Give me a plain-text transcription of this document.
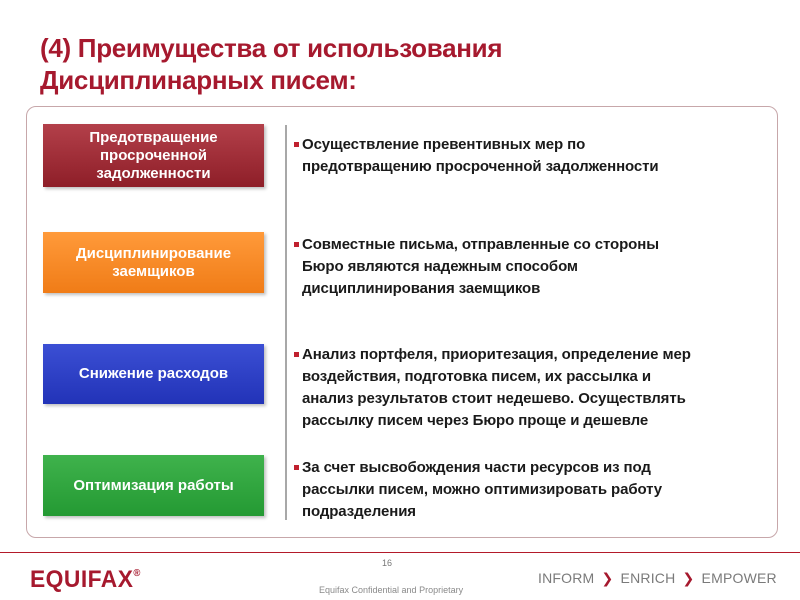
(4) Преимущества от использования
Дисциплинарных писем:
Предотвращение
просроченной
задолженности
Осуществление превентивных мер по
предотвращению просроченной задолженности
Дисциплинирование
заемщиков
Совместные письма, отправленные со стороны
Бюро являются надежным способом
дисциплинирования заемщиков
Снижение расходов
Анализ портфеля, приоритезация, определение мер
воздействия, подготовка писем, их рассылка и
анализ результатов стоит недешево. Осуществлять
рассылку писем через Бюро проще и дешевле
Оптимизация работы
За счет высвобождения части ресурсов из под
рассылки писем, можно оптимизировать работу
подразделения
16
EQUIFAX®
Equifax Confidential and Proprietary
INFORM ❯ ENRICH ❯ EMPOWER
